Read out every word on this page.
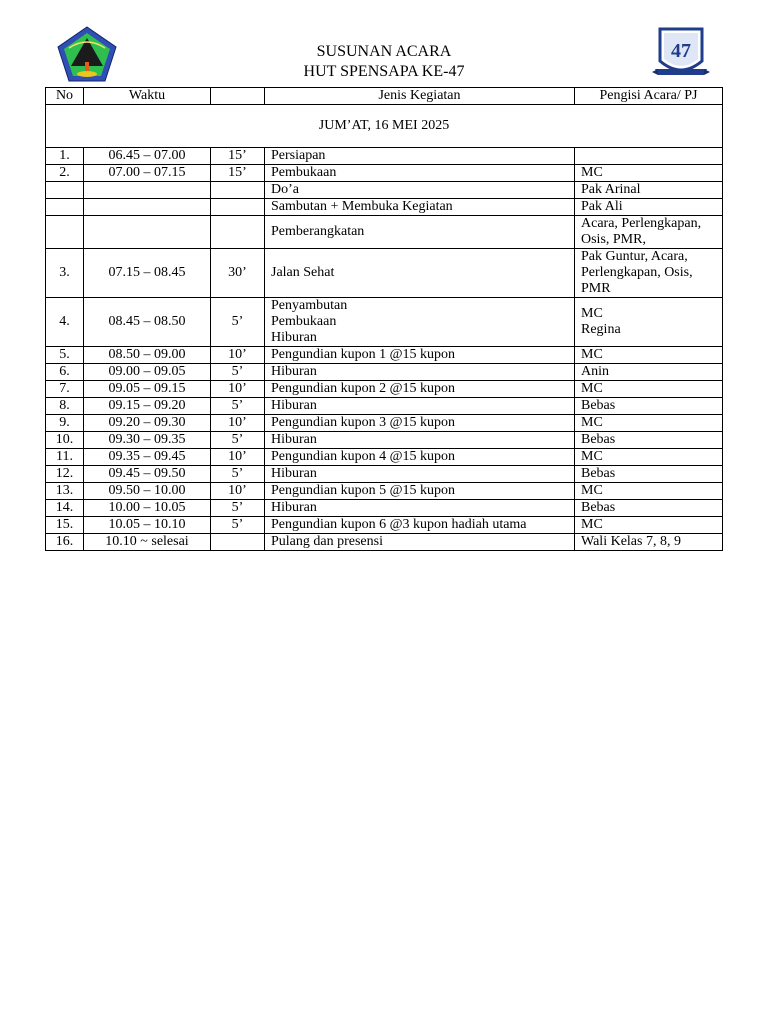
47
SUSUNAN ACARA
HUT SPENSAPA KE-47
No	Waktu		Jenis Kegiatan	Pengisi Acara/ PJ
JUM’AT, 16 MEI 2025				
1.	06.45 – 07.00	15’	Persiapan	

2.	07.00 – 07.15	15’	Pembukaan	MC

			Do’a	Pak Arinal

			Sambutan + Membuka Kegiatan	Pak Ali

			Pemberangkatan	Acara, Perlengkapan,
Osis, PMR,

3.	07.15 – 08.45	30’	Jalan Sehat	Pak Guntur, Acara,
Perlengkapan, Osis,
PMR

4.	08.45 – 08.50	5’	Penyambutan
Pembukaan
Hiburan	MC
Regina

5.	08.50 – 09.00	10’	Pengundian kupon 1 @15 kupon	MC

6.	09.00 – 09.05	5’	Hiburan	Anin

7.	09.05 – 09.15	10’	Pengundian kupon 2 @15 kupon	MC

8.	09.15 – 09.20	5’	Hiburan	Bebas

9.	09.20 – 09.30	10’	Pengundian kupon 3 @15 kupon	MC

10.	09.30 – 09.35	5’	Hiburan	Bebas

11.	09.35 – 09.45	10’	Pengundian kupon 4 @15 kupon	MC

12.	09.45 – 09.50	5’	Hiburan	Bebas

13.	09.50 – 10.00	10’	Pengundian kupon 5 @15 kupon	MC

14.	10.00 – 10.05	5’	Hiburan	Bebas

15.	10.05 – 10.10	5’	Pengundian kupon 6 @3 kupon hadiah utama	MC

16.	10.10 ~ selesai		Pulang dan presensi	Wali Kelas 7, 8, 9
